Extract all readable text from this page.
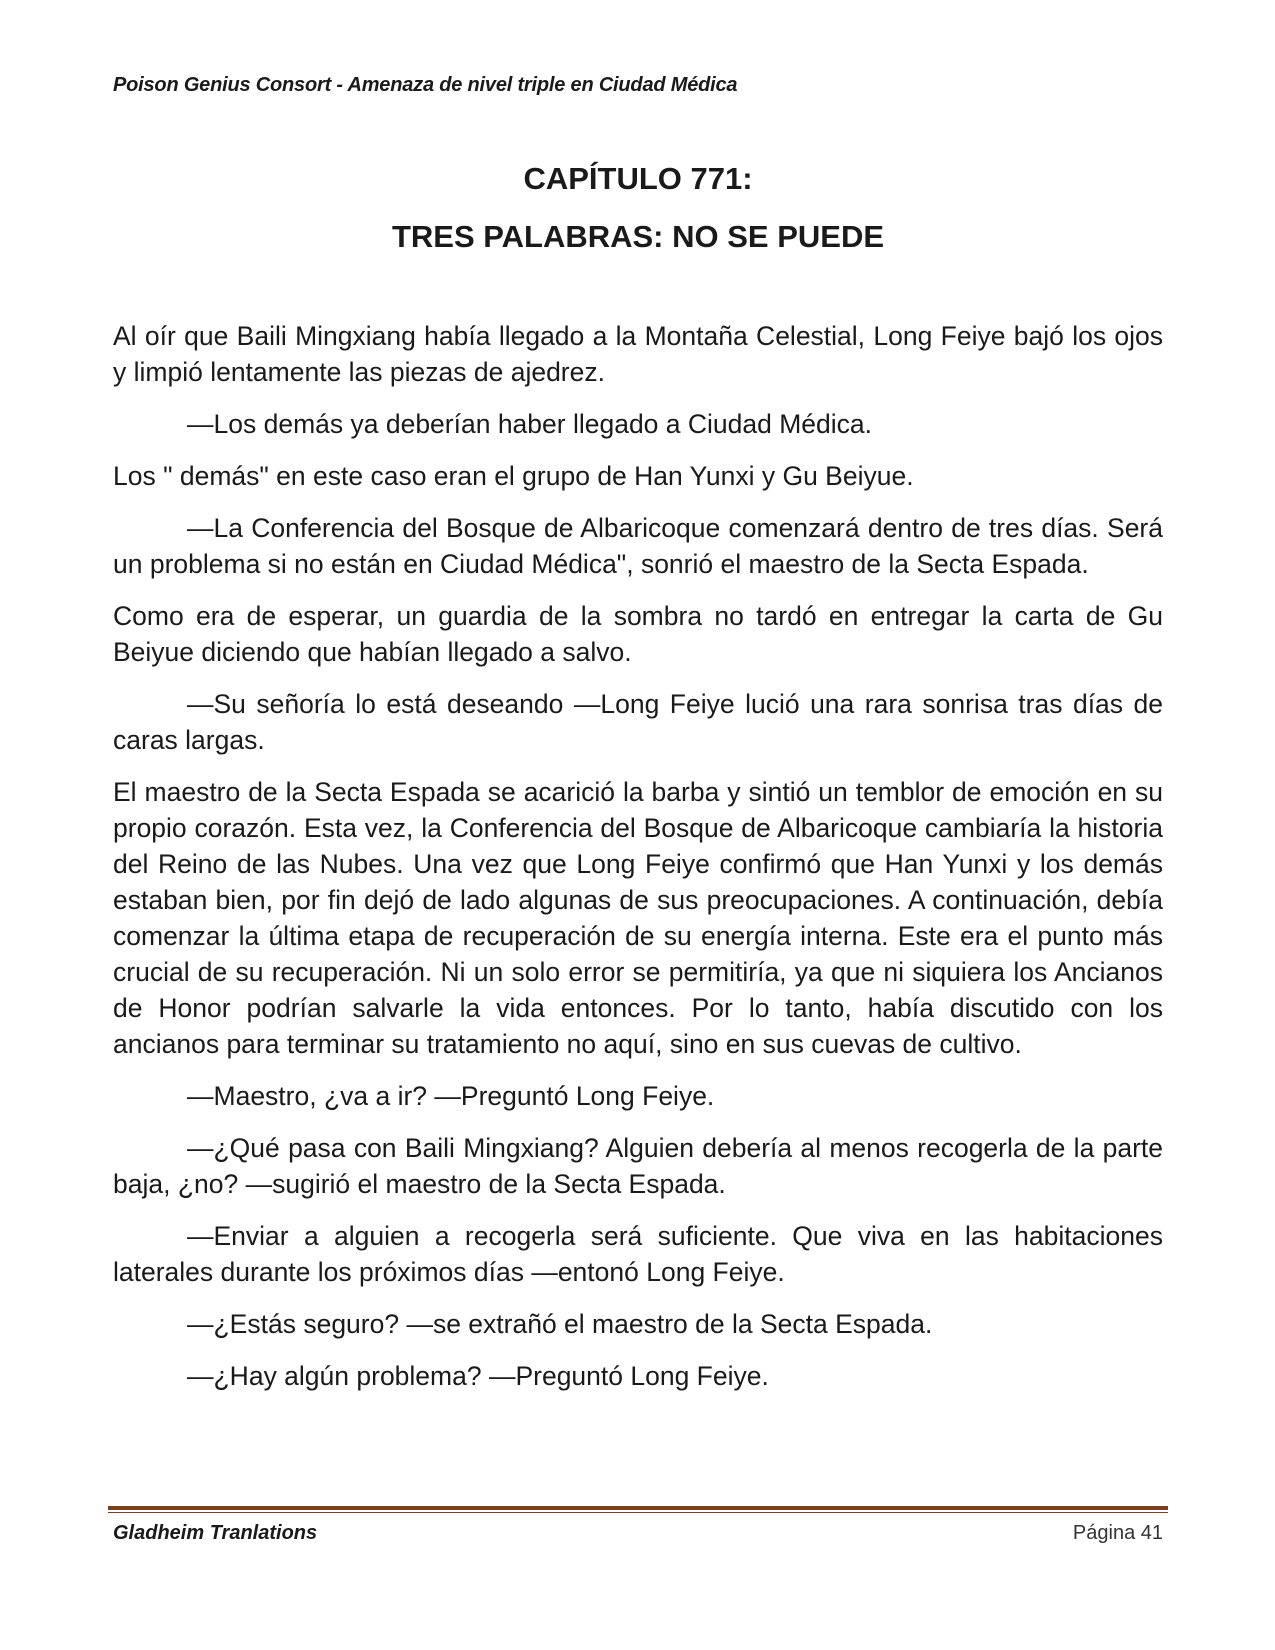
Poison Genius Consort - Amenaza de nivel triple en Ciudad Médica
CAPÍTULO 771:
TRES PALABRAS: NO SE PUEDE

Al oír que Baili Mingxiang había llegado a la Montaña Celestial, Long Feiye bajó los ojos y limpió lentamente las piezas de ajedrez.

—Los demás ya deberían haber llegado a Ciudad Médica.

Los " demás" en este caso eran el grupo de Han Yunxi y Gu Beiyue.

—La Conferencia del Bosque de Albaricoque comenzará dentro de tres días. Será un problema si no están en Ciudad Médica", sonrió el maestro de la Secta Espada.

Como era de esperar, un guardia de la sombra no tardó en entregar la carta de Gu Beiyue diciendo que habían llegado a salvo.

—Su señoría lo está deseando —Long Feiye lució una rara sonrisa tras días de caras largas.

El maestro de la Secta Espada se acarició la barba y sintió un temblor de emoción en su propio corazón. Esta vez, la Conferencia del Bosque de Albaricoque cambiaría la historia del Reino de las Nubes. Una vez que Long Feiye confirmó que Han Yunxi y los demás estaban bien, por fin dejó de lado algunas de sus preocupaciones. A continuación, debía comenzar la última etapa de recuperación de su energía interna. Este era el punto más crucial de su recuperación. Ni un solo error se permitiría, ya que ni siquiera los Ancianos de Honor podrían salvarle la vida entonces. Por lo tanto, había discutido con los ancianos para terminar su tratamiento no aquí, sino en sus cuevas de cultivo.

—Maestro, ¿va a ir? —Preguntó Long Feiye.

—¿Qué pasa con Baili Mingxiang? Alguien debería al menos recogerla de la parte baja, ¿no? —sugirió el maestro de la Secta Espada.

—Enviar a alguien a recogerla será suficiente. Que viva en las habitaciones laterales durante los próximos días —entonó Long Feiye.

—¿Estás seguro? —se extrañó el maestro de la Secta Espada.

—¿Hay algún problema? —Preguntó Long Feiye.

Gladheim Tranlations	Página 41
